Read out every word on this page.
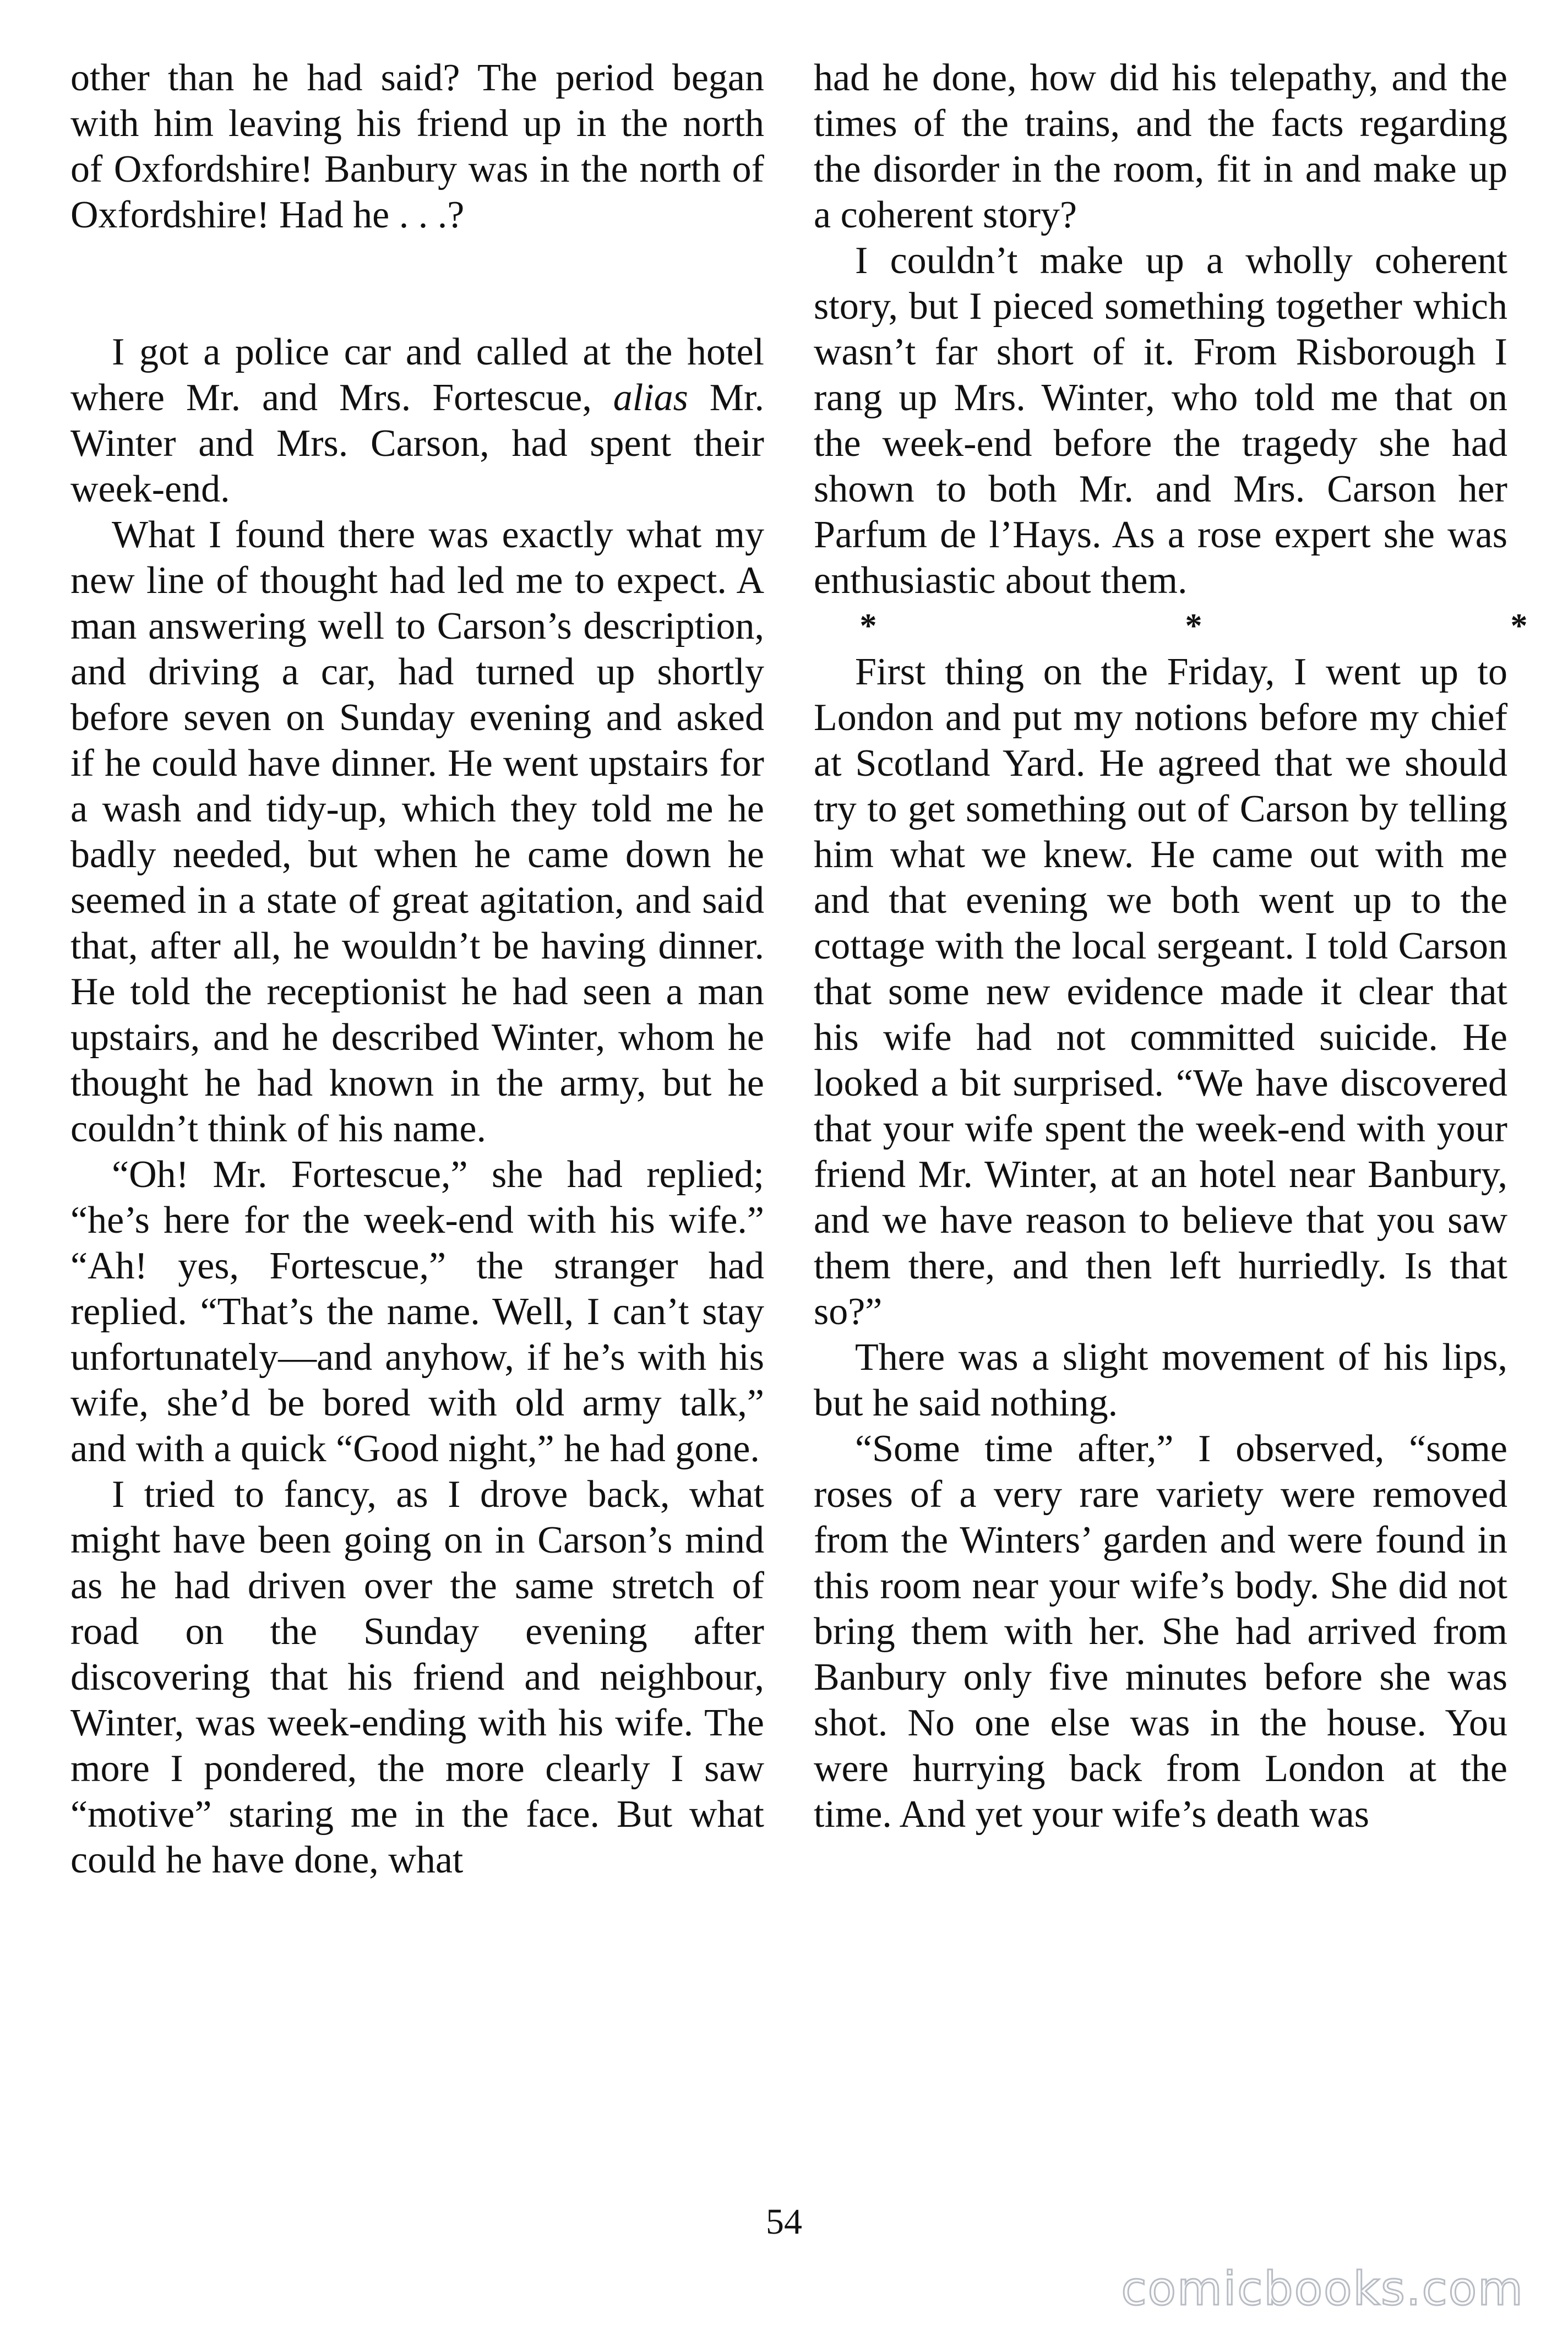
other than he had said? The period began with him leaving his friend up in the north of Oxfordshire! Banbury was in the north of Oxfordshire! Had he . . .?

I got a police car and called at the hotel where Mr. and Mrs. Fortescue, alias Mr. Winter and Mrs. Carson, had spent their week-end.

What I found there was exactly what my new line of thought had led me to expect. A man answering well to Carson’s description, and driving a car, had turned up shortly before seven on Sunday evening and asked if he could have dinner. He went upstairs for a wash and tidy-up, which they told me he badly needed, but when he came down he seemed in a state of great agitation, and said that, after all, he wouldn’t be having dinner. He told the receptionist he had seen a man upstairs, and he described Winter, whom he thought he had known in the army, but he couldn’t think of his name.

“Oh! Mr. Fortescue,” she had replied; “he’s here for the week-end with his wife.” “Ah! yes, Fortescue,” the stranger had replied. “That’s the name. Well, I can’t stay unfortunately—and anyhow, if he’s with his wife, she’d be bored with old army talk,” and with a quick “Good night,” he had gone.

I tried to fancy, as I drove back, what might have been going on in Carson’s mind as he had driven over the same stretch of road on the Sunday evening after discovering that his friend and neighbour, Winter, was week-ending with his wife. The more I pondered, the more clearly I saw “motive” staring me in the face. But what could he have done, what

had he done, how did his telepathy, and the times of the trains, and the facts regarding the disorder in the room, fit in and make up a coherent story?

I couldn’t make up a wholly coherent story, but I pieced something together which wasn’t far short of it. From Risborough I rang up Mrs. Winter, who told me that on the week-end before the tragedy she had shown to both Mr. and Mrs. Carson her Parfum de l’Hays. As a rose expert she was enthusiastic about them.

*	*	*

First thing on the Friday, I went up to London and put my notions before my chief at Scotland Yard. He agreed that we should try to get something out of Carson by telling him what we knew. He came out with me and that evening we both went up to the cottage with the local sergeant. I told Carson that some new evidence made it clear that his wife had not committed suicide. He looked a bit surprised. “We have discovered that your wife spent the week-end with your friend Mr. Winter, at an hotel near Banbury, and we have reason to believe that you saw them there, and then left hurriedly. Is that so?”

There was a slight movement of his lips, but he said nothing.

“Some time after,” I observed, “some roses of a very rare variety were removed from the Winters’ garden and were found in this room near your wife’s body. She did not bring them with her. She had arrived from Banbury only five minutes before she was shot. No one else was in the house. You were hurrying back from London at the time. And yet your wife’s death was

54
comicbooks.com
